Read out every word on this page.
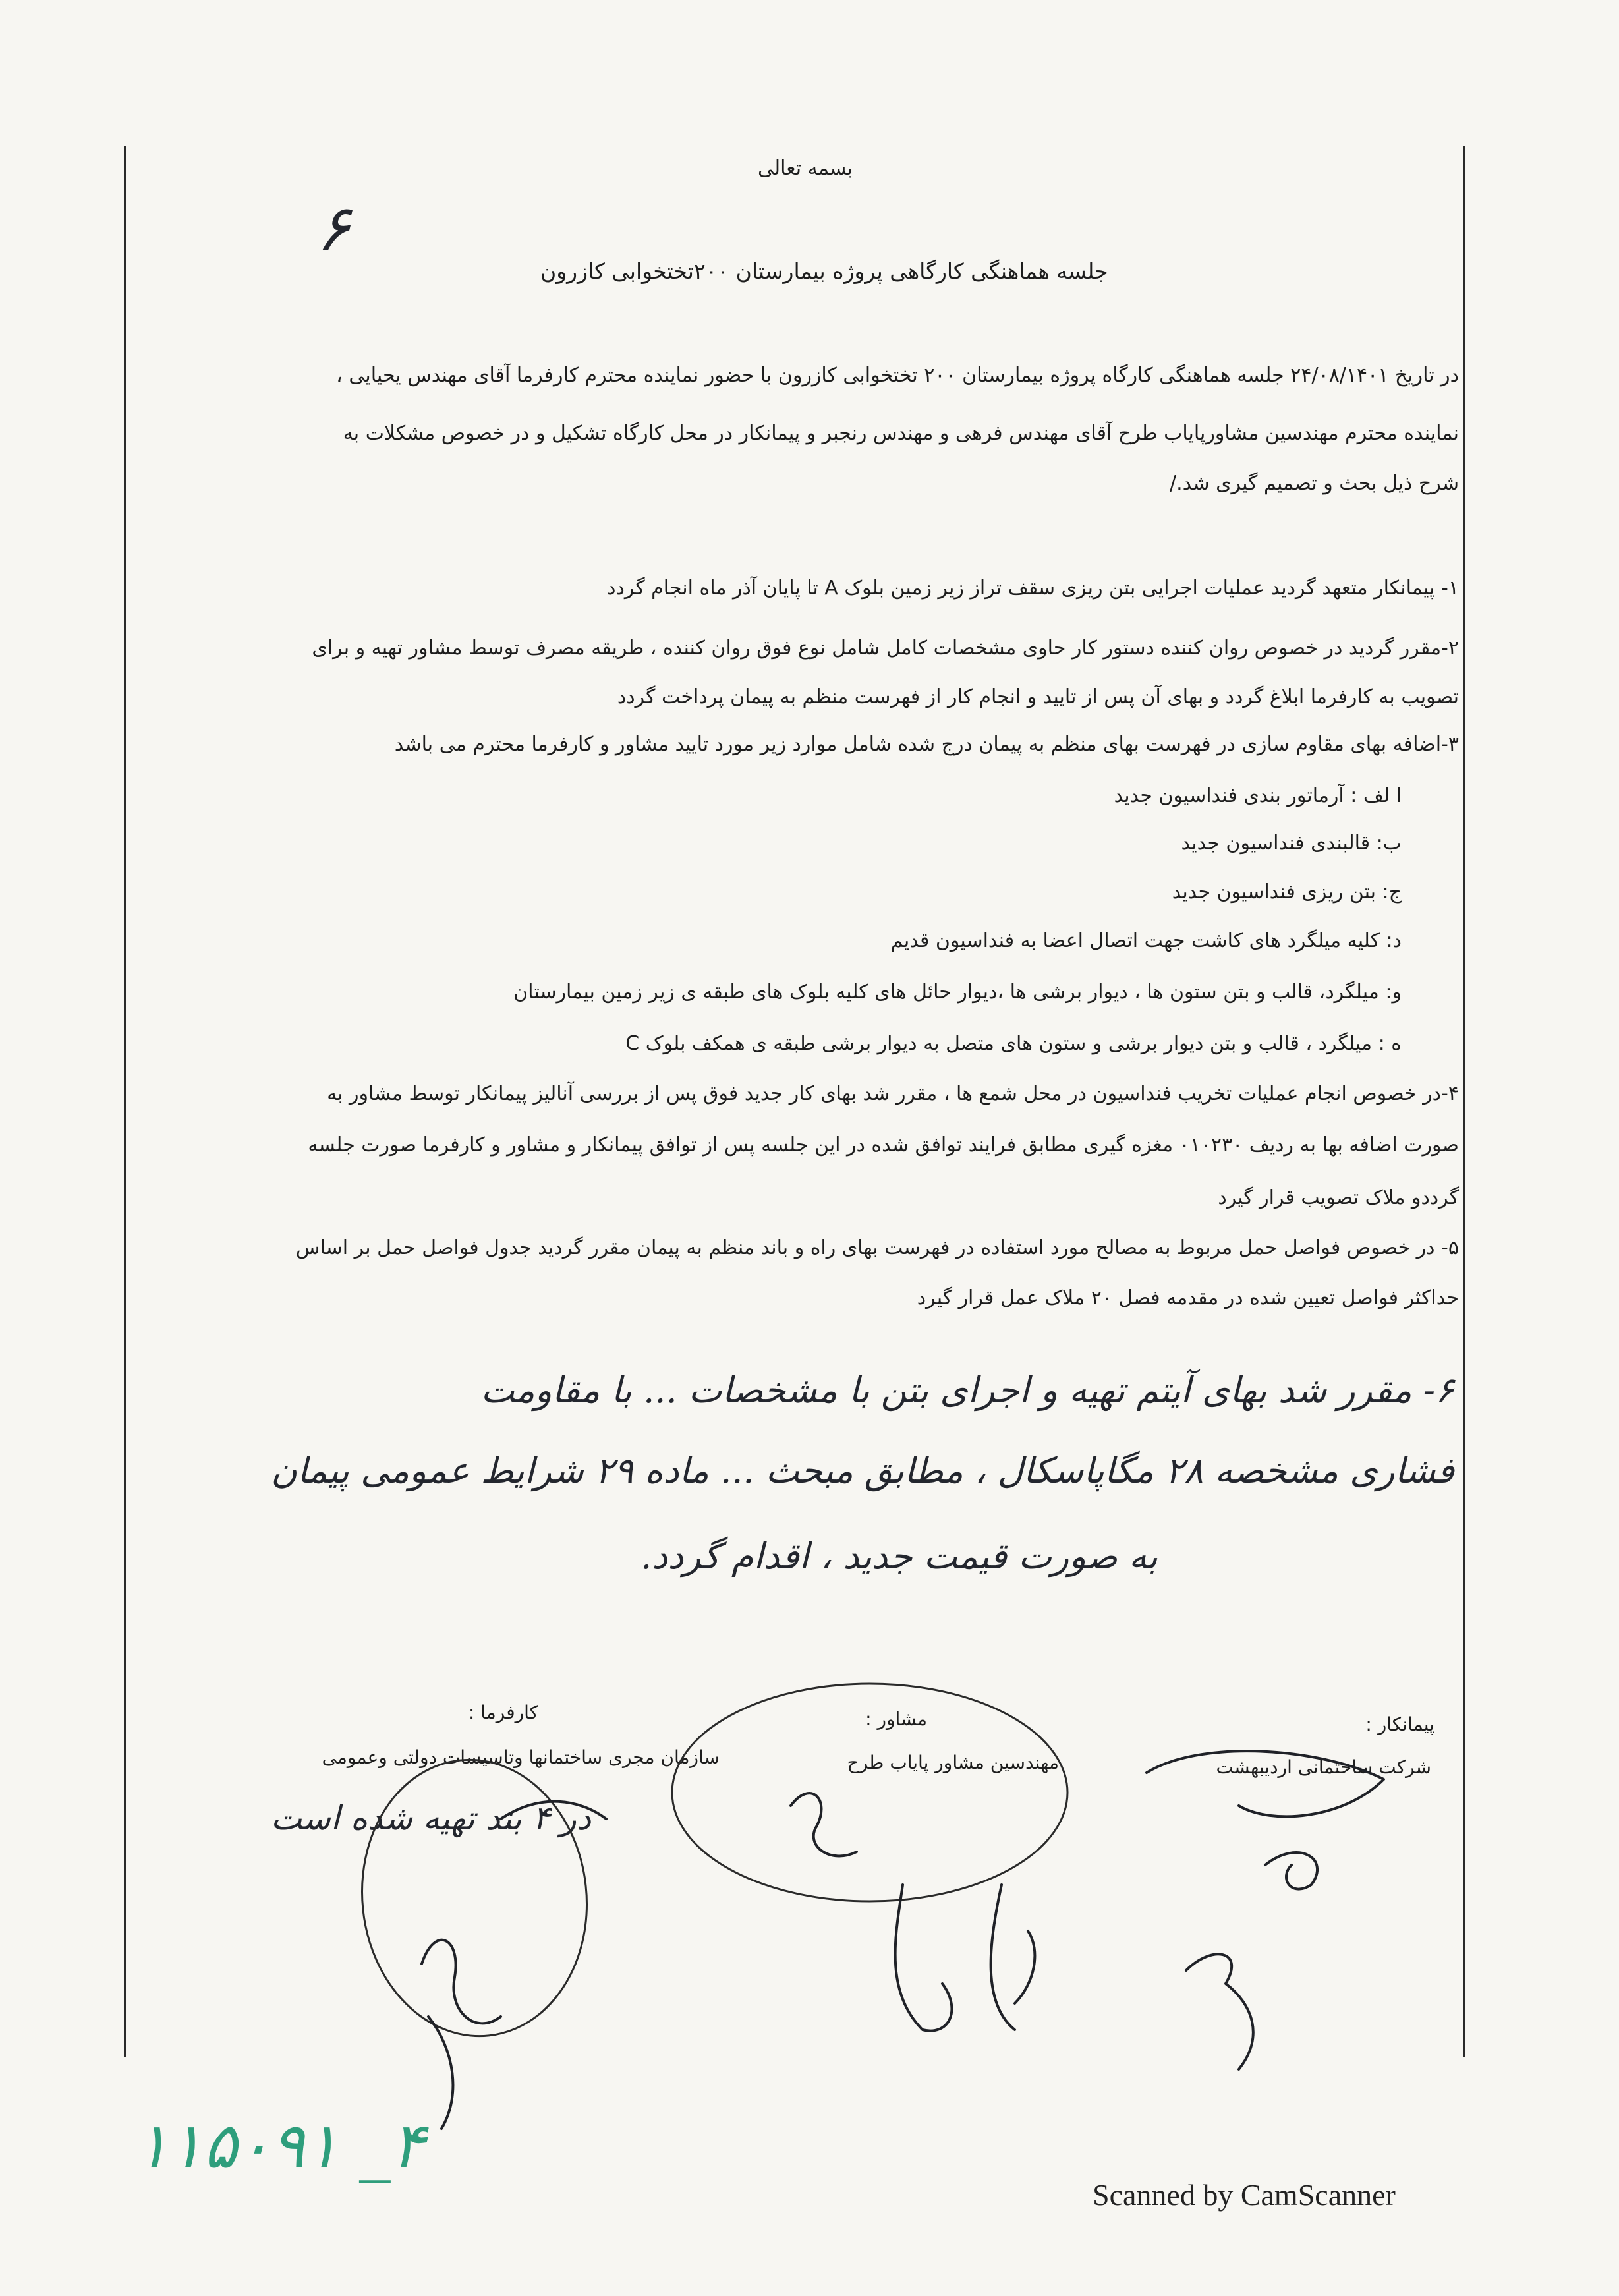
بسمه تعالی
۶
جلسه هماهنگی کارگاهی پروژه بیمارستان ۲۰۰تختخوابی کازرون
در تاریخ ۲۴/۰۸/۱۴۰۱ جلسه هماهنگی کارگاه پروژه بیمارستان ۲۰۰ تختخوابی کازرون با حضور نماینده محترم کارفرما آقای مهندس یحیایی ،
نماینده محترم مهندسین مشاورپایاب طرح آقای مهندس فرهی و مهندس رنجبر و پیمانکار در محل کارگاه تشکیل و در خصوص مشکلات به
شرح ذیل بحث و تصمیم گیری شد./
۱- پیمانکار متعهد گردید عملیات اجرایی بتن ریزی سقف تراز زیر زمین بلوک A تا پایان آذر ماه انجام گردد
۲-مقرر گردید در خصوص روان کننده دستور کار حاوی مشخصات کامل شامل نوع فوق روان کننده ، طریقه مصرف توسط مشاور تهیه و برای
تصویب به کارفرما ابلاغ گردد و بهای آن پس از تایید و انجام کار از فهرست منظم به پیمان پرداخت گردد
۳-اضافه بهای مقاوم سازی در فهرست بهای منظم به پیمان درج شده شامل موارد زیر مورد تایید مشاور و کارفرما محترم می باشد
ا لف : آرماتور بندی فنداسیون جدید
ب: قالبندی فنداسیون جدید
ج: بتن ریزی فنداسیون جدید
د: کلیه میلگرد های کاشت جهت اتصال اعضا به فنداسیون قدیم
و: میلگرد، قالب و بتن ستون ها ، دیوار برشی ها ،دیوار حائل های کلیه بلوک های طبقه ی زیر زمین بیمارستان
ه : میلگرد ، قالب و بتن دیوار برشی و ستون های متصل به دیوار برشی طبقه ی همکف بلوک C
۴-در خصوص انجام عملیات تخریب فنداسیون در محل شمع ها ، مقرر شد بهای کار جدید فوق پس از بررسی آنالیز پیمانکار توسط مشاور به
صورت اضافه بها به ردیف ۰۱۰۲۳۰ مغزه گیری مطابق فرایند توافق شده در این جلسه پس از توافق پیمانکار و مشاور و کارفرما صورت جلسه
گرددو ملاک تصویب قرار گیرد
۵- در خصوص فواصل حمل مربوط به مصالح مورد استفاده در فهرست بهای راه و باند منظم به پیمان مقرر گردید جدول فواصل حمل بر اساس
حداکثر فواصل تعیین شده در مقدمه فصل ۲۰ ملاک عمل قرار گیرد
۶- مقرر شد بهای آیتم تهیه و اجرای بتن با مشخصات ... با مقاومت
فشاری مشخصه ۲۸ مگاپاسکال ، مطابق مبحث ... ماده ۲۹ شرایط عمومی پیمان
به صورت قیمت جدید ، اقدام گردد.
پیمانکار :
شرکت ساختمانی اردیبهشت
مشاور :
مهندسین مشاور پایاب طرح
کارفرما :
سازمان مجری ساختمانها وتاسیسات دولتی وعمومی
در ۴ بند تهیه شده است
۱۱۵۰۹۱ _۴
Scanned by CamScanner
